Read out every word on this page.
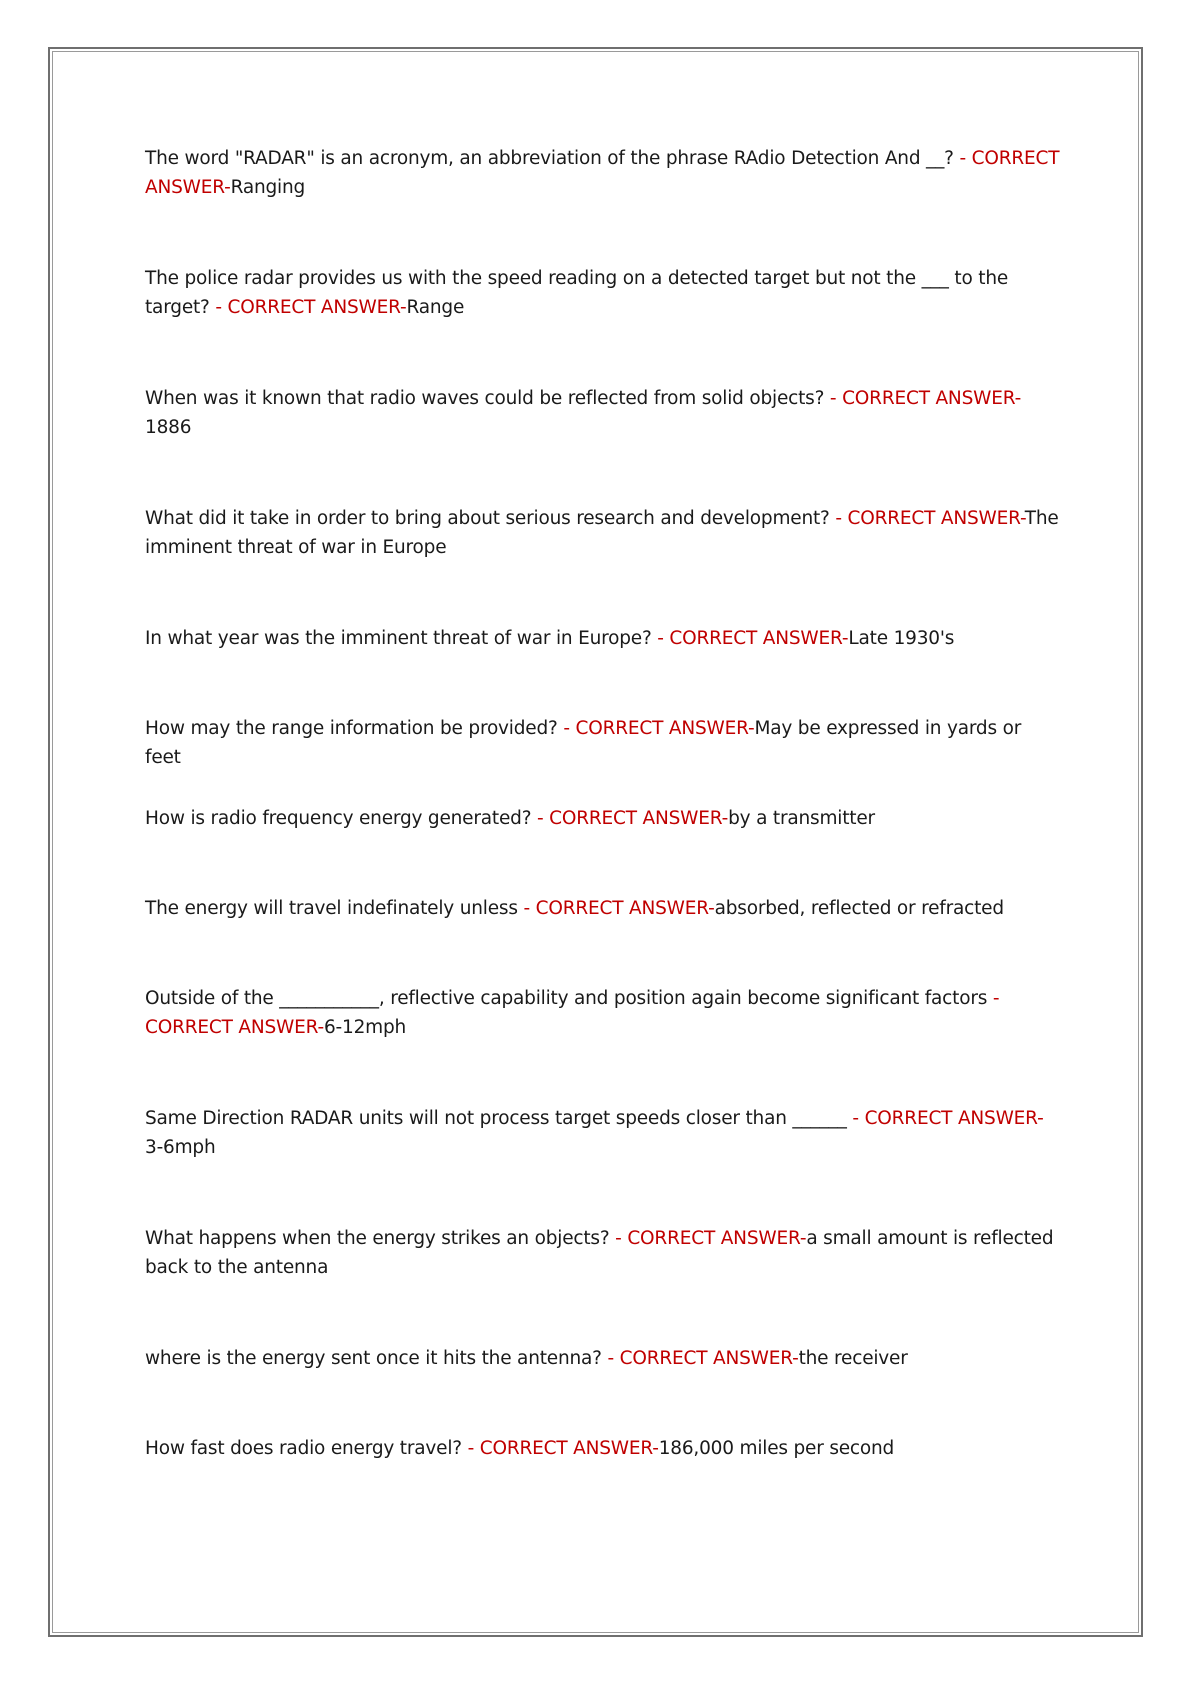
The word "RADAR" is an acronym, an abbreviation of the phrase RAdio Detection And __? - CORRECT ANSWER-Ranging
The police radar provides us with the speed reading on a detected target but not the ___ to the target? - CORRECT ANSWER-Range
When was it known that radio waves could be reflected from solid objects? - CORRECT ANSWER-1886
What did it take in order to bring about serious research and development? - CORRECT ANSWER-The imminent threat of war in Europe
In what year was the imminent threat of war in Europe? - CORRECT ANSWER-Late 1930's
How may the range information be provided? - CORRECT ANSWER-May be expressed in yards or feet
How is radio frequency energy generated? - CORRECT ANSWER-by a transmitter
The energy will travel indefinately unless - CORRECT ANSWER-absorbed, reflected or refracted
Outside of the ___________, reflective capability and position again become significant factors - CORRECT ANSWER-6-12mph
Same Direction RADAR units will not process target speeds closer than ______ - CORRECT ANSWER-3-6mph
What happens when the energy strikes an objects? - CORRECT ANSWER-a small amount is reflected back to the antenna
where is the energy sent once it hits the antenna? - CORRECT ANSWER-the receiver
How fast does radio energy travel? - CORRECT ANSWER-186,000 miles per second
